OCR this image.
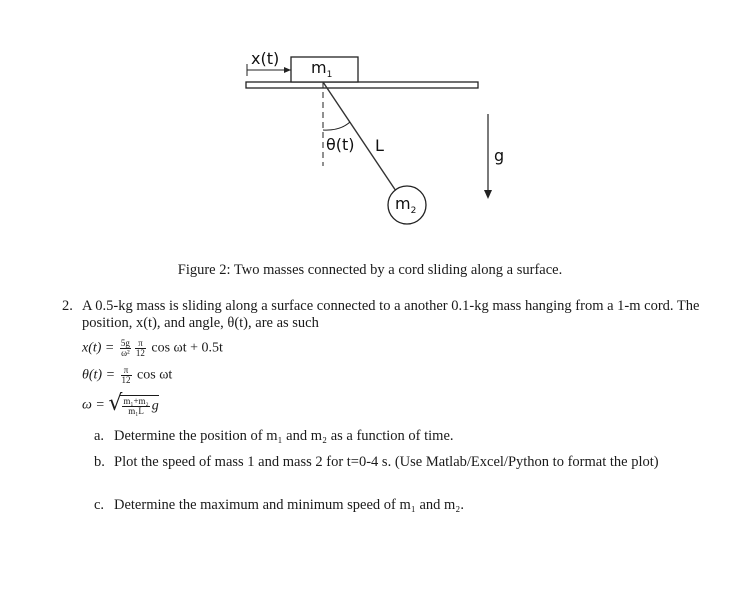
x(t) $m_1$
θ(t) L
g
$m_2$
Figure 2: Two masses connected by a cord sliding along a surface.
2. A 0.5-kg mass is sliding along a surface connected to a another 0.1-kg mass hanging from a 1-m cord. The position, x(t), and angle, θ(t), are as such
$x(t) = \frac{5g}{\text{ω²}} \frac{\pi}{12}$ cos ωt + 0.5t
$\theta(t) = \frac{\pi}{12}$ cos ωt
ω = √ $\frac{\text{m₁+m₂}}{\text{m₁L}}$ g
a. Determine the position of m₁ and m₂ as a function of time.
b. Plot the speed of mass 1 and mass 2 for t=0-4 s. (Use Matlab/Excel/Python to format the plot)
c. Determine the maximum and minimum speed of m₁ and m₂.
